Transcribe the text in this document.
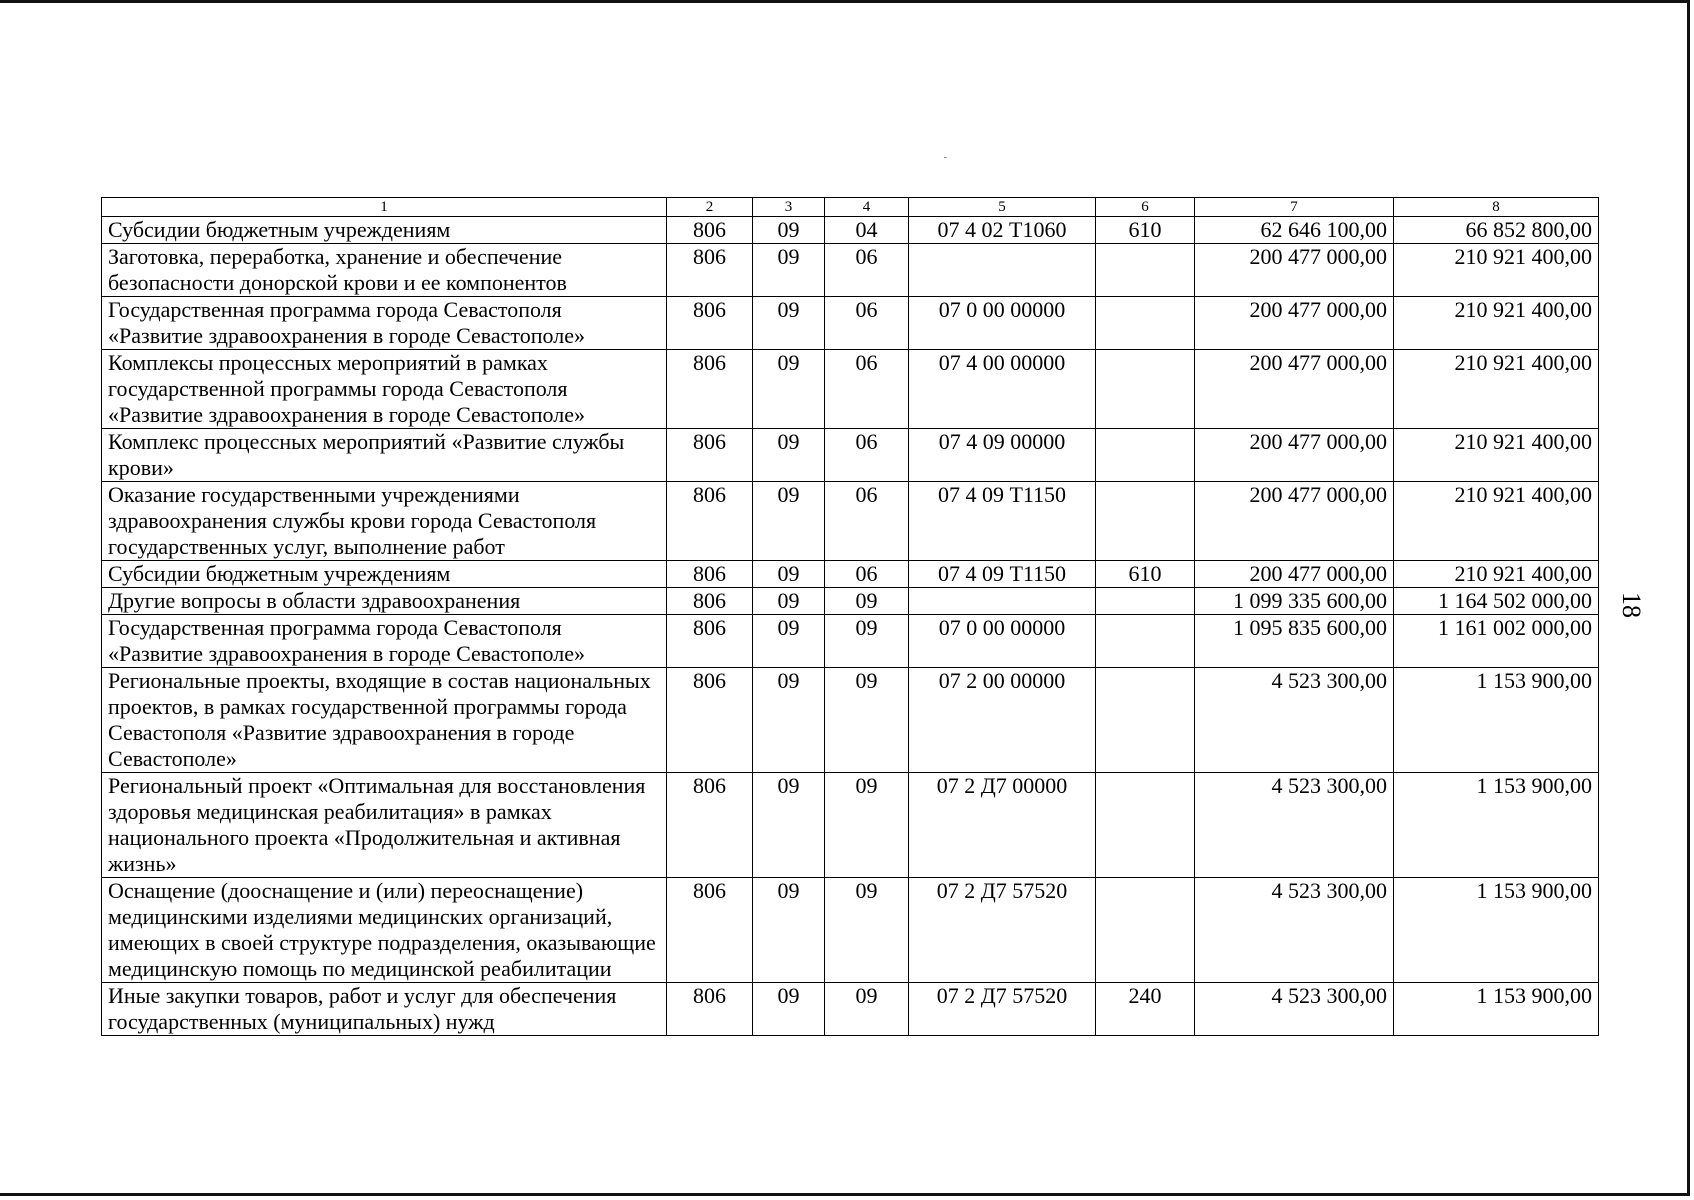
18
1	2	3	4	5	6	7	8
Субсидии бюджетным учреждениям	806	09	04	07 4 02 Т1060	610	62 646 100,00	66 852 800,00
Заготовка, переработка, хранение и обеспечение безопасности донорской крови и ее компонентов	806	09	06			200 477 000,00	210 921 400,00
Государственная программа города Севастополя «Развитие здравоохранения в городе Севастополе»	806	09	06	07 0 00 00000		200 477 000,00	210 921 400,00
Комплексы процессных мероприятий в рамках государственной программы города Севастополя «Развитие здравоохранения в городе Севастополе»	806	09	06	07 4 00 00000		200 477 000,00	210 921 400,00
Комплекс процессных мероприятий «Развитие службы крови»	806	09	06	07 4 09 00000		200 477 000,00	210 921 400,00
Оказание государственными учреждениями здравоохранения службы крови города Севастополя государственных услуг, выполнение работ	806	09	06	07 4 09 Т1150		200 477 000,00	210 921 400,00
Субсидии бюджетным учреждениям	806	09	06	07 4 09 Т1150	610	200 477 000,00	210 921 400,00
Другие вопросы в области здравоохранения	806	09	09			1 099 335 600,00	1 164 502 000,00
Государственная программа города Севастополя «Развитие здравоохранения в городе Севастополе»	806	09	09	07 0 00 00000		1 095 835 600,00	1 161 002 000,00
Региональные проекты, входящие в состав национальных проектов, в рамках государственной программы города Севастополя «Развитие здравоохранения в городе Севастополе»	806	09	09	07 2 00 00000		4 523 300,00	1 153 900,00
Региональный проект «Оптимальная для восстановления здоровья медицинская реабилитация» в рамках национального проекта «Продолжительная и активная жизнь»	806	09	09	07 2 Д7 00000		4 523 300,00	1 153 900,00
Оснащение (дооснащение и (или) переоснащение) медицинскими изделиями медицинских организаций, имеющих в своей структуре подразделения, оказывающие медицинскую помощь по медицинской реабилитации	806	09	09	07 2 Д7 57520		4 523 300,00	1 153 900,00
Иные закупки товаров, работ и услуг для обеспечения государственных (муниципальных) нужд	806	09	09	07 2 Д7 57520	240	4 523 300,00	1 153 900,00
